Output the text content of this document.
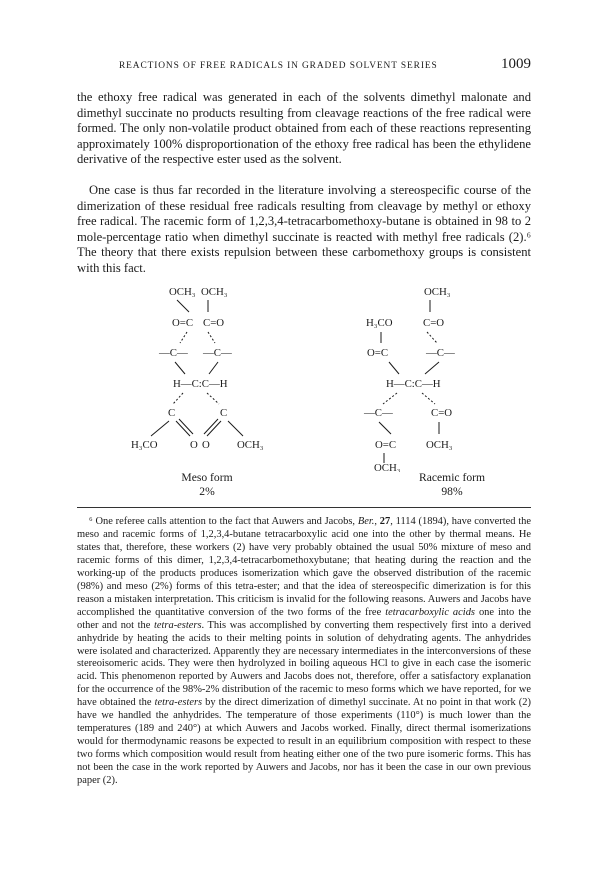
REACTIONS OF FREE RADICALS IN GRADED SOLVENT SERIES	1009

the ethoxy free radical was generated in each of the solvents dimethyl malonate and dimethyl succinate no products resulting from cleavage reactions of the free radical were formed. The only non-volatile product obtained from each of these reactions representing approximately 100% disproportionation of the ethoxy free radical has been the ethylidene derivative of the respective ester used as the solvent.

One case is thus far recorded in the literature involving a stereospecific course of the dimerization of these residual free radicals resulting from cleavage by methyl or ethoxy free radical. The racemic form of 1,2,3,4-tetracarbomethoxy-butane is obtained in 98 to 2 mole-percentage ratio when dimethyl succinate is reacted with methyl free radicals (2).⁶ The theory that there exists repulsion between these carbomethoxy groups is consistent with this fact.

OCH₃ OCH₃
O=C C=O
—C— —C—
H—C:C—H
C	C
H₃CO	O O	OCH₃
OCH₃
H₃CO	C=O
O=C	—C—
H—C:C—H
—C—	C=O
O=C	OCH₃
OCH₃
Meso form
2%
Racemic form
98%

⁶ One referee calls attention to the fact that Auwers and Jacobs, Ber., 27, 1114 (1894), have converted the meso and racemic forms of 1,2,3,4-butane tetracarboxylic acid one into the other by thermal means. He states that, therefore, these workers (2) have very probably obtained the usual 50% mixture of meso and racemic forms of this dimer, 1,2,3,4-tetracarbomethoxybutane; that heating during the reaction and the working-up of the products produces isomerization which gave the observed distribution of the racemic (98%) and meso (2%) forms of this tetra-ester; and that the idea of stereospecific dimerization is for this reason a mistaken interpretation. This criticism is invalid for the following reasons. Auwers and Jacobs have accomplished the quantitative conversion of the two forms of the free tetracarboxylic acids one into the other and not the tetra-esters. This was accomplished by converting them respectively first into a derived anhydride by heating the acids to their melting points in solution of dehydrating agents. The anhydrides were isolated and characterized. Apparently they are necessary intermediates in the interconversions of these stereoisomeric acids. They were then hydrolyzed in boiling aqueous HCl to give in each case the isomeric acid. This phenomenon reported by Auwers and Jacobs does not, therefore, offer a satisfactory explanation for the occurrence of the 98%-2% distribution of the racemic to meso forms which we have reported, for we have obtained the tetra-esters by the direct dimerization of dimethyl succinate. At no point in that work (2) have we handled the anhydrides. The temperature of those experiments (110°) is much lower than the temperatures (189 and 240°) at which Auwers and Jacobs worked. Finally, direct thermal isomerizations would for thermodynamic reasons be expected to result in an equilibrium composition with respect to these two forms which composition would result from heating either one of the two pure isomeric forms. This has not been the case in the work reported by Auwers and Jacobs, nor has it been the case in our own previous paper (2).
